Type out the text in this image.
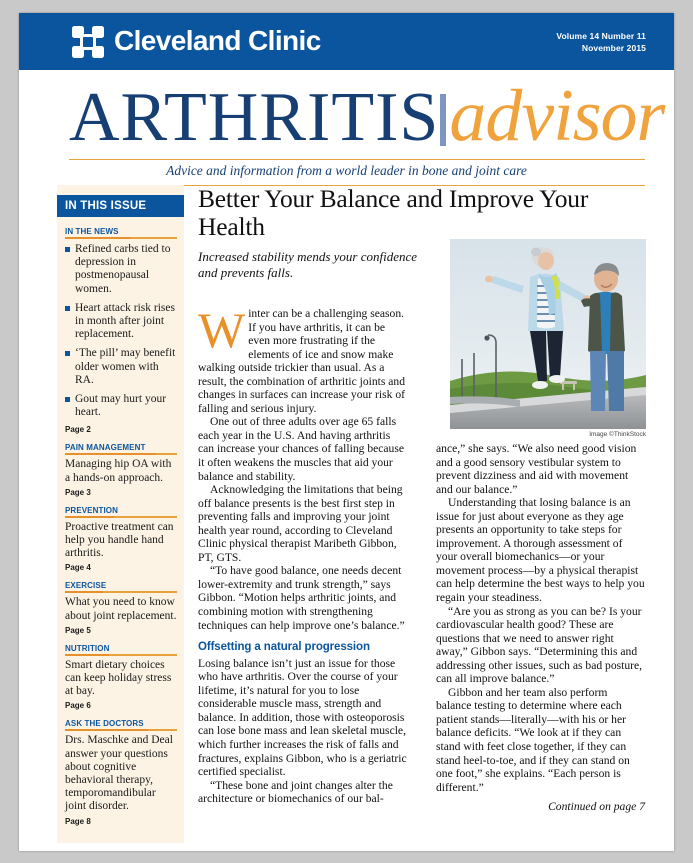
Cleveland Clinic	Volume 14 Number 11
November 2015
ARTHRITIS advisor
Advice and information from a world leader in bone and joint care
IN THIS ISSUE
IN THE NEWS
Refined carbs tied to depression in postmenopausal women.
Heart attack risk rises in month after joint replacement.
‘The pill’ may benefit older women with RA.
Gout may hurt your heart.
Page 2
PAIN MANAGEMENT
Managing hip OA with a hands-on approach.
Page 3
PREVENTION
Proactive treatment can help you handle hand arthritis.
Page 4
EXERCISE
What you need to know about joint replacement.
Page 5
NUTRITION
Smart dietary choices can keep holiday stress at bay.
Page 6
ASK THE DOCTORS
Drs. Maschke and Deal answer your questions about cognitive behavioral therapy, temporomandibular joint disorder.
Page 8
Better Your Balance and Improve Your Health
Increased stability mends your confidence and prevents falls.
Image ©ThinkStock

Winter can be a challenging season. If you have arthritis, it can be even more frustrating if the elements of ice and snow make walking outside trickier than usual. As a result, the combination of arthritic joints and changes in surfaces can increase your risk of falling and serious injury.

One out of three adults over age 65 falls each year in the U.S. And having arthritis can increase your chances of falling because it often weakens the muscles that aid your balance and stability.

Acknowledging the limitations that being off balance presents is the best first step in preventing falls and improving your joint health year round, according to Cleveland Clinic physical therapist Maribeth Gibbon, PT, GTS.

“To have good balance, one needs decent lower-extremity and trunk strength,” says Gibbon. “Motion helps arthritic joints, and combining motion with strengthening techniques can help improve one’s balance.”

Offsetting a natural progression

Losing balance isn’t just an issue for those who have arthritis. Over the course of your lifetime, it’s natural for you to lose considerable muscle mass, strength and balance. In addition, those with osteoporosis can lose bone mass and lean skeletal muscle, which further increases the risk of falls and fractures, explains Gibbon, who is a geriatric certified specialist.

“These bone and joint changes alter the architecture or biomechanics of our bal-

ance,” she says. “We also need good vision and a good sensory vestibular system to prevent dizziness and aid with movement and our balance.”

Understanding that losing balance is an issue for just about everyone as they age presents an opportunity to take steps for improvement. A thorough assessment of your overall biomechanics—or your movement process—by a physical therapist can help determine the best ways to help you regain your steadiness.

“Are you as strong as you can be? Is your cardiovascular health good? These are questions that we need to answer right away,” Gibbon says. “Determining this and addressing other issues, such as bad posture, can all improve balance.”

Gibbon and her team also perform balance testing to determine where each patient stands—literally—with his or her balance deficits. “We look at if they can stand with feet close together, if they can stand heel-to-toe, and if they can stand on one foot,” she explains. “Each person is different.”

Continued on page 7
